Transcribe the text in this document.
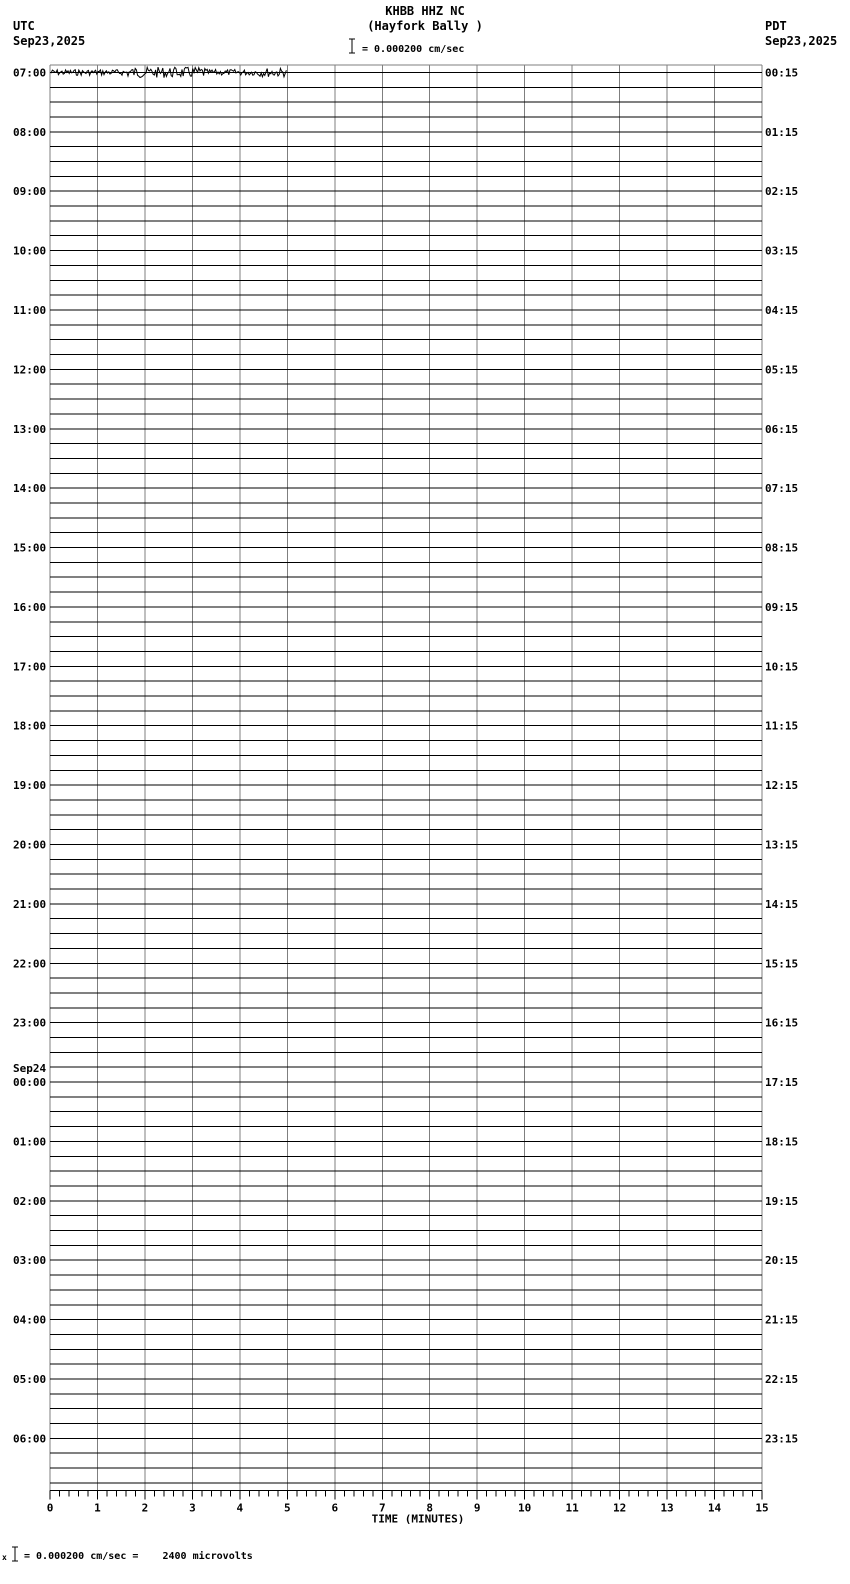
KHBB HHZ NC
(Hayfork Bally )
UTC
Sep23,2025
PDT
Sep23,2025
= 0.000200 cm/sec
07:00	00:15
08:00	01:15
09:00	02:15
10:00	03:15
11:00	04:15
12:00	05:15
13:00	06:15
14:00	07:15
15:00	08:15
16:00	09:15
17:00	10:15
18:00	11:15
19:00	12:15
20:00	13:15
21:00	14:15
22:00	15:15
23:00	16:15
00:00
Sep24
17:15
01:00	18:15
02:00	19:15
03:00	20:15
04:00	21:15
05:00	22:15
06:00	23:15
0	1	2	3	4	5	6	7	8	9	10	11	12	13	14	15
TIME (MINUTES)
x = 0.000200 cm/sec =    2400 microvolts
